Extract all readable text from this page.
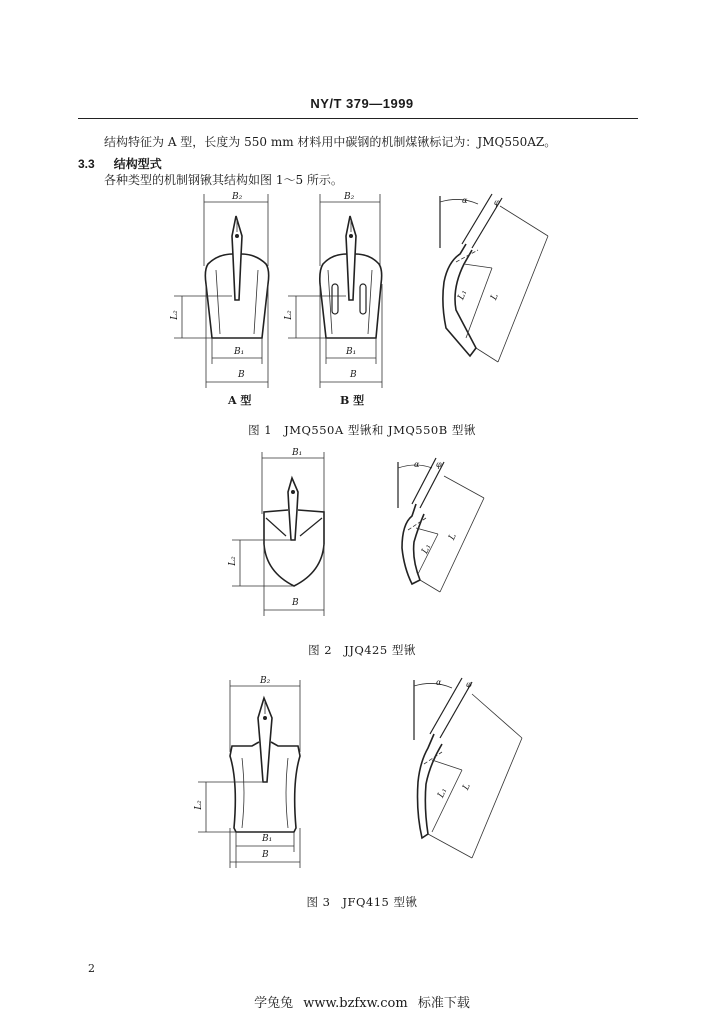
NY/T 379—1999
结构特征为 A 型，长度为 550 mm 材料用中碳钢的机制煤锹标记为：JMQ550AZ。
3.3 结构型式
各种类型的机制钢锹其结构如图 1～5 所示。
B₂	B₂
L₂	L₂
B₁	B₁
B	B
α	φ
L₁ L
A 型	B 型
图 1　JMQ550A 型锹和 JMQ550B 型锹
B₁
L₂
B
α φ
L₁
L
图 2　JJQ425 型锹
B₂
L₂
B₁
B
α	φ
L₁ L
图 3　JFQ415 型锹
2
学兔兔 www.bzfxw.com 标准下载
